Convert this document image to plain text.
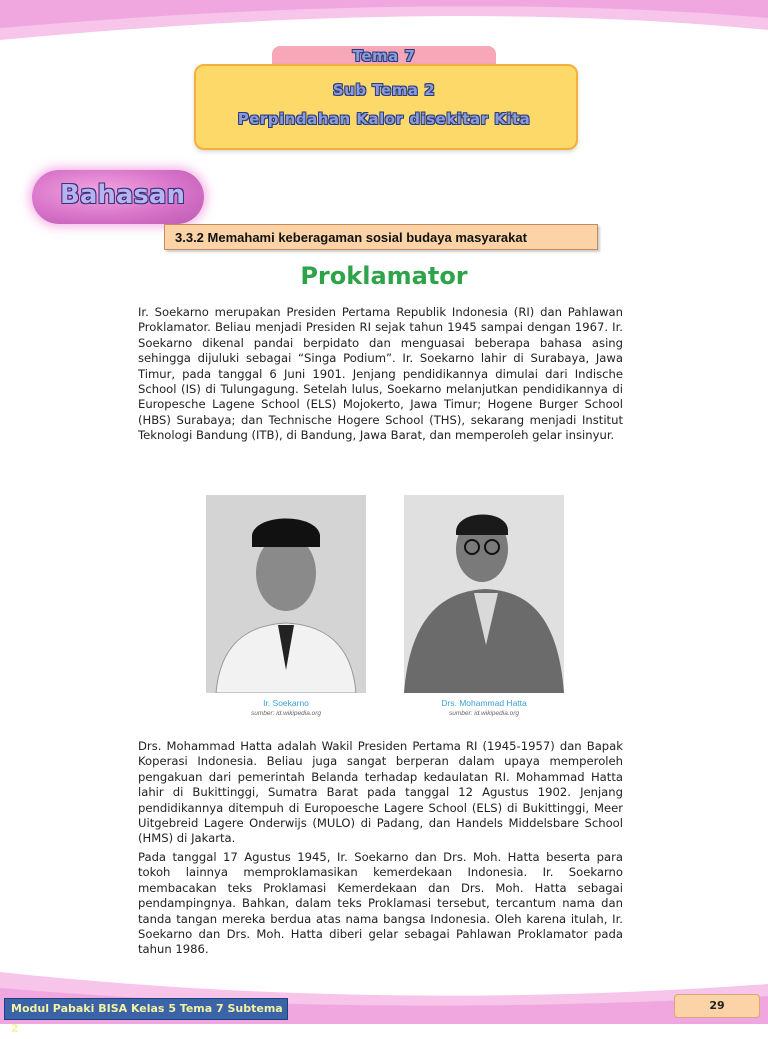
Tema 7
Sub Tema 2
Perpindahan Kalor disekitar Kita
Bahasan
3.3.2 Memahami keberagaman sosial budaya masyarakat
Proklamator

Ir. Soekarno merupakan Presiden Pertama Republik Indonesia (RI) dan Pahlawan Proklamator. Beliau menjadi Presiden RI sejak tahun 1945 sampai dengan 1967. Ir. Soekarno dikenal pandai berpidato dan menguasai beberapa bahasa asing sehingga dijuluki sebagai “Singa Podium”. Ir. Soekarno lahir di Surabaya, Jawa Timur, pada tanggal 6 Juni 1901. Jenjang pendidikannya dimulai dari Indische School (IS) di Tulungagung. Setelah lulus, Soekarno melanjutkan pendidikannya di Europesche Lagene School (ELS) Mojokerto, Jawa Timur; Hogene Burger School (HBS) Surabaya; dan Technische Hogere School (THS), sekarang menjadi Institut Teknologi Bandung (ITB), di Bandung, Jawa Barat, dan memperoleh gelar insinyur.

Ir. Soekarno
sumber: id.wikipedia.org
Drs. Mohammad Hatta
sumber: id.wikipedia.org

Drs. Mohammad Hatta adalah Wakil Presiden Pertama RI (1945-1957) dan Bapak Koperasi Indonesia. Beliau juga sangat berperan dalam upaya memperoleh pengakuan dari pemerintah Belanda terhadap kedaulatan RI. Mohammad Hatta lahir di Bukittinggi, Sumatra Barat pada tanggal 12 Agustus 1902. Jenjang pendidikannya ditempuh di Europoesche Lagere School (ELS) di Bukittinggi, Meer Uitgebreid Lagere Onderwijs (MULO) di Padang, dan Handels Middelsbare School (HMS) di Jakarta.

Pada tanggal 17 Agustus 1945, Ir. Soekarno dan Drs. Moh. Hatta beserta para tokoh lainnya memproklamasikan kemerdekaan Indonesia. Ir. Soekarno membacakan teks Proklamasi Kemerdekaan dan Drs. Moh. Hatta sebagai pendampingnya. Bahkan, dalam teks Proklamasi tersebut, tercantum nama dan tanda tangan mereka berdua atas nama bangsa Indonesia. Oleh karena itulah, Ir. Soekarno dan Drs. Moh. Hatta diberi gelar sebagai Pahlawan Proklamator pada tahun 1986.

Modul Pabaki BISA Kelas 5 Tema 7 Subtema 2
29
